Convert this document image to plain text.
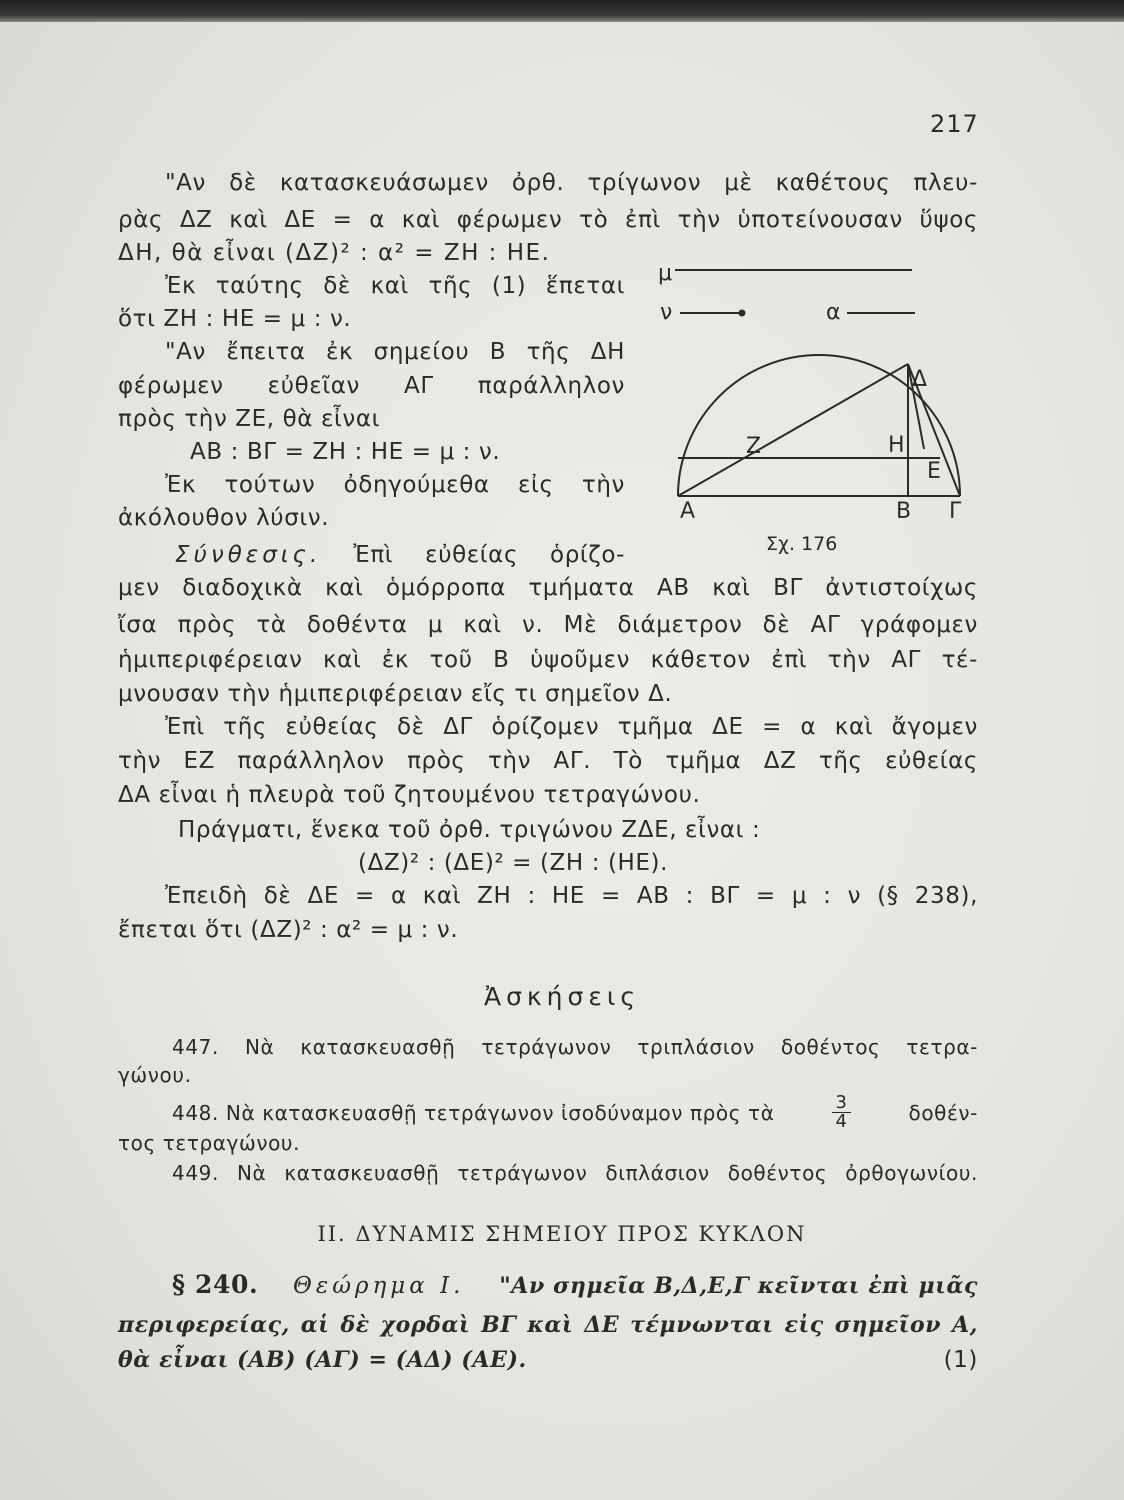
217
"Αν δὲ κατασκευάσωμεν ὀρθ. τρίγωνον μὲ καθέτους πλευ-
ρὰς ΔΖ καὶ ΔΕ = α καὶ φέρωμεν τὸ ἐπὶ τὴν ὑποτείνουσαν ὕψος
ΔΗ, θὰ εἶναι (ΔΖ)² : α² = ΖΗ : ΗΕ.
Ἐκ ταύτης δὲ καὶ τῆς (1) ἕπεται
ὅτι ΖΗ : ΗΕ = μ : ν.
"Αν ἔπειτα ἐκ σημείου Β τῆς ΔΗ
φέρωμεν εὐθεῖαν ΑΓ παράλληλον
πρὸς τὴν ΖΕ, θὰ εἶναι
ΑΒ : ΒΓ = ΖΗ : ΗΕ = μ : ν.
Ἐκ τούτων ὀδηγούμεθα εἰς τὴν
ἀκόλουθον λύσιν.
μ
ν	α
Δ
Ζ	Η
Ε
Α	Β Γ
Σχ. 176
Σύνθεσις. Ἐπὶ εὐθείας ὁρίζο-
μεν διαδοχικὰ καὶ ὁμόρροπα τμήματα ΑΒ καὶ ΒΓ ἀντιστοίχως
ἴσα πρὸς τὰ δοθέντα μ καὶ ν. Μὲ διάμετρον δὲ ΑΓ γράφομεν
ἡμιπεριφέρειαν καὶ ἐκ τοῦ Β ὑψοῦμεν κάθετον ἐπὶ τὴν ΑΓ τέ-
μνουσαν τὴν ἡμιπεριφέρειαν εἴς τι σημεῖον Δ.
Ἐπὶ τῆς εὐθείας δὲ ΔΓ ὁρίζομεν τμῆμα ΔΕ = α καὶ ἄγομεν
τὴν ΕΖ παράλληλον πρὸς τὴν ΑΓ. Τὸ τμῆμα ΔΖ τῆς εὐθείας
ΔΑ εἶναι ἡ πλευρὰ τοῦ ζητουμένου τετραγώνου.
Πράγματι, ἕνεκα τοῦ ὀρθ. τριγώνου ΖΔΕ, εἶναι :
(ΔΖ)² : (ΔΕ)² = (ΖΗ : (ΗΕ).
Ἐπειδὴ δὲ ΔΕ = α καὶ ΖΗ : ΗΕ = ΑΒ : ΒΓ = μ : ν (§ 238),
ἔπεται ὅτι (ΔΖ)² : α² = μ : ν.
Ἀσκήσεις
447. Νὰ κατασκευασθῇ τετράγωνον τριπλάσιον δοθέντος τετρα-
γώνου.
448. Νὰ κατασκευασθῇ τετράγωνον ἰσοδύναμον πρὸς τὰ	$\frac{3}{4}$	δοθέν-
τος τετραγώνου.
449. Νὰ κατασκευασθῇ τετράγωνον διπλάσιον δοθέντος ὀρθογωνίου.
ΙΙ. ΔΥΝΑΜΙΣ ΣΗΜΕΙΟΥ ΠΡΟΣ ΚΥΚΛΟΝ
§ 240. Θεώρημα Ι. "Αν σημεῖα Β,Δ,Ε,Γ κεῖνται ἐπὶ μιᾶς
περιφερείας, αἱ δὲ χορδαὶ ΒΓ καὶ ΔΕ τέμνωνται εἰς σημεῖον Α,
θὰ εἶναι (ΑΒ) (ΑΓ) = (ΑΔ) (ΑΕ).	(1)
